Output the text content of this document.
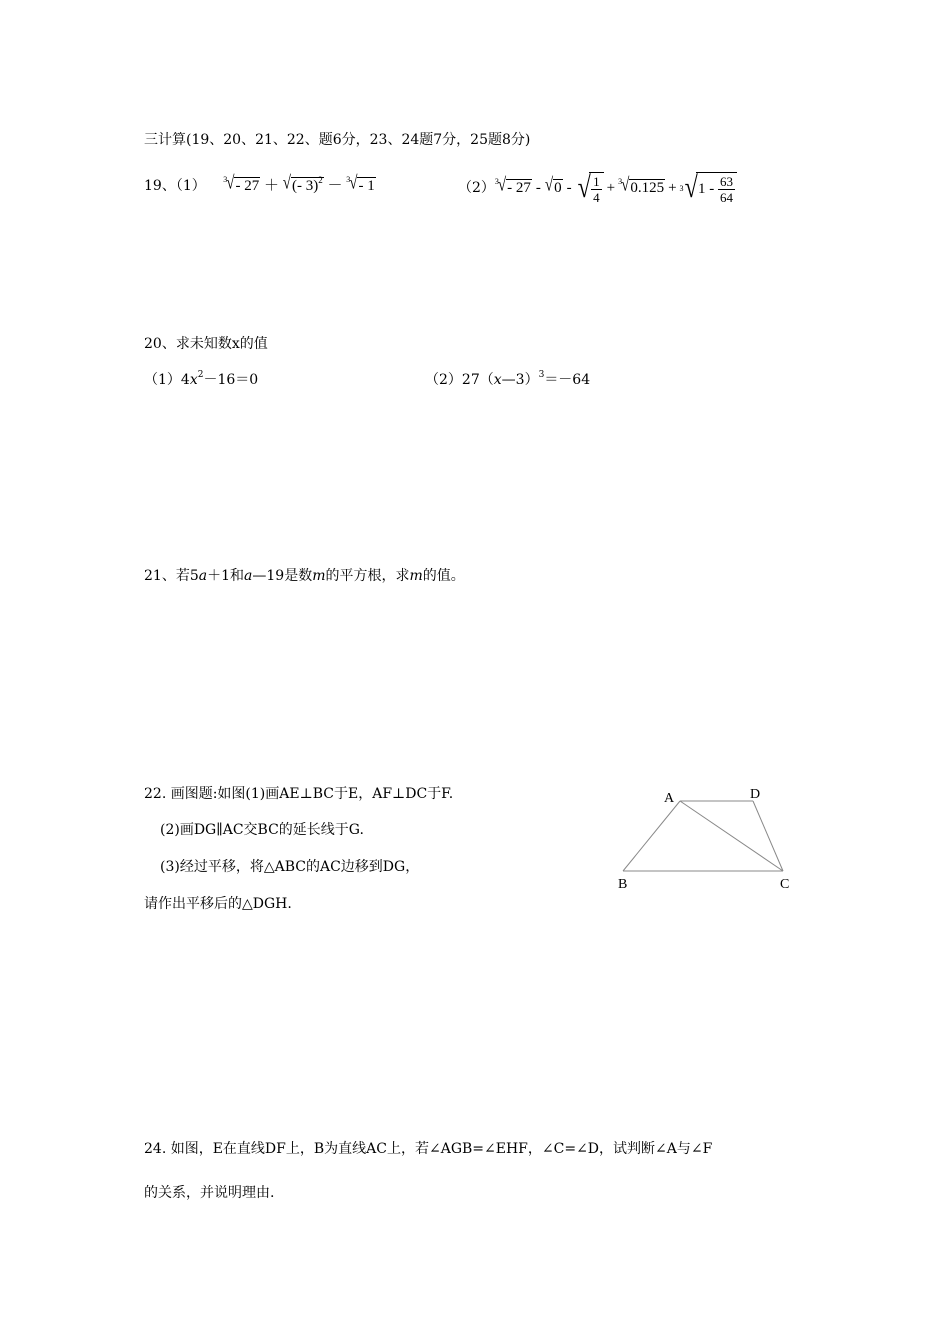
三计算(19、20、21、22、题6分，23、24题7分，25题8分)
19、（1） $^3$√- 27 ＋ √(- 3)$^2$ － $^3$√- 1	（2） $^3$√- 27 - √0 - √ $\frac{1}{4} + ^3√0.125 + 3$ √ $1 - \frac{63}{64}$
20、求未知数x的值
$(1)4x^2-16=0$	（2）27（x—3）$^3$＝－64
21、若5a＋1和a—19是数m的平方根，求m的值。
22. 画图题:如图(1)画AE⊥BC于E，AF⊥DC于F.
(2)画DG∥AC交BC的延长线于G.
(3)经过平移，将△ABC的AC边移到DG，
请作出平移后的△DGH.
A	D
B	C
24. 如图，E在直线DF上，B为直线AC上，若∠AGB=∠EHF，∠C=∠D，试判断∠A与∠F
的关系，并说明理由.
